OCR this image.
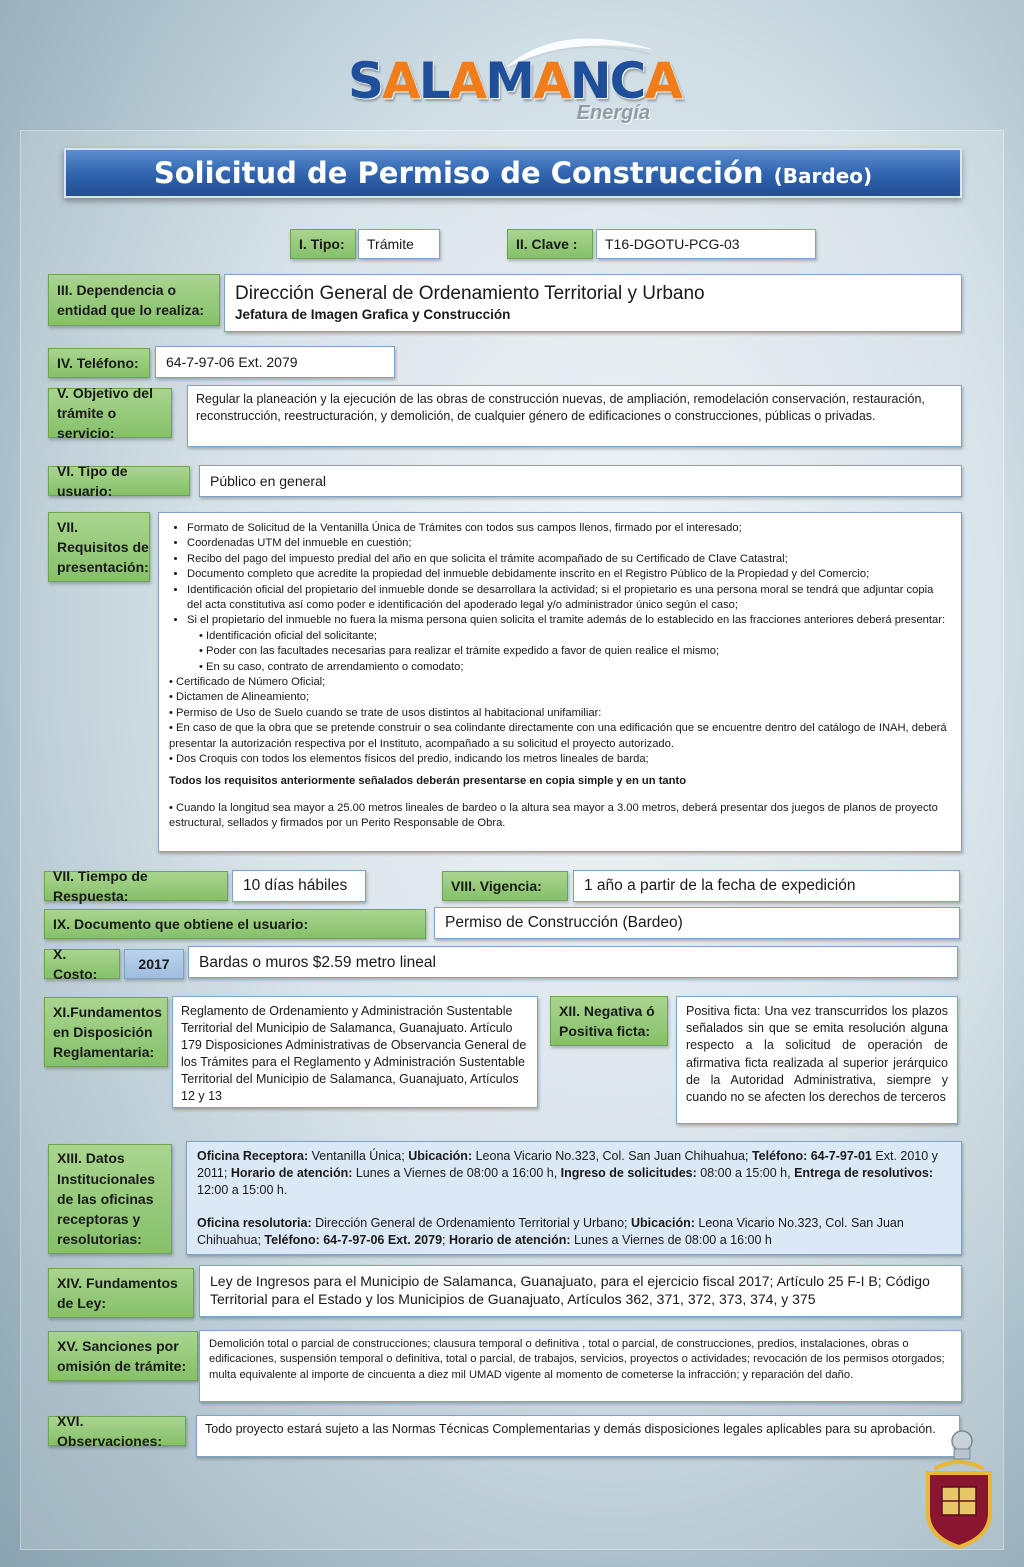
SALAMANCA
Energía
Solicitud de Permiso de Construcción (Bardeo)
I. Tipo:	Trámite	II. Clave :	T16-DGOTU-PCG-03
III. Dependencia o entidad que lo realiza:
Dirección General de Ordenamiento Territorial y Urbano
Jefatura de Imagen Grafica y Construcción
IV. Teléfono:	64-7-97-06 Ext. 2079
V. Objetivo del trámite o servicio:
Regular la planeación y la ejecución de las obras de construcción nuevas, de ampliación, remodelación conservación, restauración, reconstrucción, reestructuración, y demolición, de cualquier género de edificaciones o construcciones, públicas o privadas.
VI. Tipo de usuario:
Público en general
VII. Requisitos de presentación:
• Formato de Solicitud de la Ventanilla Única de Trámites con todos sus campos llenos, firmado por el interesado;
• Coordenadas UTM del inmueble en cuestión;
• Recibo del pago del impuesto predial del año en que solicita el trámite acompañado de su Certificado de Clave Catastral;
• Documento completo que acredite la propiedad del inmueble debidamente inscrito en el Registro Público de la Propiedad y del Comercio;
• Identificación oficial del propietario del inmueble donde se desarrollara la actividad; si el propietario es una persona moral se tendrá que adjuntar copia del acta constitutiva así como poder e identificación del apoderado legal y/o administrador único según el caso;
• Si el propietario del inmueble no fuera la misma persona quien solicita el tramite además de lo establecido en las fracciones anteriores deberá presentar:
• Identificación oficial del solicitante;
• Poder con las facultades necesarias para realizar el trámite expedido a favor de quien realice el mismo;
• En su caso, contrato de arrendamiento o comodato;
• Certificado de Número Oficial;
• Dictamen de Alineamiento;
• Permiso de Uso de Suelo cuando se trate de usos distintos al habitacional unifamiliar:
• En caso de que la obra que se pretende construir o sea colindante directamente con una edificación que se encuentre dentro del catálogo de INAH, deberá presentar la autorización respectiva por el Instituto, acompañado a su solicitud el proyecto autorizado.
• Dos Croquis con todos los elementos físicos del predio, indicando los metros lineales de barda;
Todos los requisitos anteriormente señalados deberán presentarse en copia simple y en un tanto
• Cuando la longitud sea mayor a 25.00 metros lineales de bardeo o la altura sea mayor a 3.00 metros, deberá presentar dos juegos de planos de proyecto estructural, sellados y firmados por un Perito Responsable de Obra.
VII. Tiempo de Respuesta:
10 días hábiles	VIII. Vigencia:	1 año a partir de la fecha de expedición
IX. Documento que obtiene el usuario:	Permiso de Construcción (Bardeo)
X. Costo:
2017	Bardas o muros $2.59 metro lineal
XI.Fundamentos en Disposición Reglamentaria:
Reglamento de Ordenamiento y Administración Sustentable Territorial del Municipio de Salamanca, Guanajuato. Artículo 179 Disposiciones Administrativas de Observancia General de los Trámites para el Reglamento y Administración Sustentable Territorial del Municipio de Salamanca, Guanajuato, Artículos 12 y 13
XII. Negativa ó Positiva ficta:
Positiva ficta: Una vez transcurridos los plazos señalados sin que se emita resolución alguna respecto a la solicitud de operación de afirmativa ficta realizada al superior jerárquico de la Autoridad Administrativa, siempre y cuando no se afecten los derechos de terceros
XIII. Datos Institucionales de las oficinas receptoras y resolutorias:
Oficina Receptora: Ventanilla Única; Ubicación: Leona Vicario No.323, Col. San Juan Chihuahua; Teléfono: 64-7-97-01 Ext. 2010 y 2011; Horario de atención: Lunes a Viernes de 08:00 a 16:00 h, Ingreso de solicitudes: 08:00 a 15:00 h, Entrega de resolutivos: 12:00 a 15:00 h.
Oficina resolutoria: Dirección General de Ordenamiento Territorial y Urbano; Ubicación: Leona Vicario No.323, Col. San Juan Chihuahua; Teléfono: 64-7-97-06 Ext. 2079; Horario de atención: Lunes a Viernes de 08:00 a 16:00 h
XIV. Fundamentos de Ley:
Ley de Ingresos para el Municipio de Salamanca, Guanajuato, para el ejercicio fiscal 2017; Artículo 25 F-I B; Código Territorial para el Estado y los Municipios de Guanajuato, Artículos 362, 371, 372, 373, 374, y 375
XV. Sanciones por omisión de trámite:
Demolición total o parcial de construcciones; clausura temporal o definitiva , total o parcial, de construcciones, predios, instalaciones, obras o edificaciones, suspensión temporal o definitiva, total o parcial, de trabajos, servicios, proyectos o actividades; revocación de los permisos otorgados; multa equivalente al importe de cincuenta a diez mil UMAD vigente al momento de cometerse la infracción; y reparación del daño.
XVI. Observaciones:
Todo proyecto estará sujeto a las Normas Técnicas Complementarias y demás disposiciones legales aplicables para su aprobación.
